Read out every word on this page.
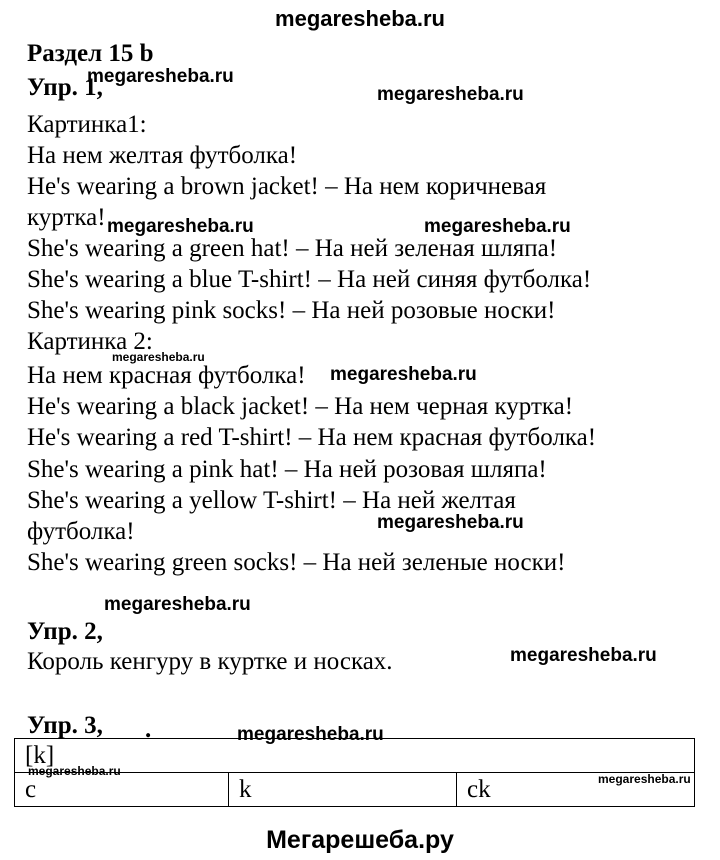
megaresheba.ru
Раздел 15 b
Упр. 1,
Картинка1:
На нем желтая футболка!
He's wearing a brown jacket! – На нем коричневая
куртка!
She's wearing a green hat! – На ней зеленая шляпа!
She's wearing a blue T-shirt! – На ней синяя футболка!
She's wearing pink socks! – На ней розовые носки!
Картинка 2:
На нем красная футболка!
He's wearing a black jacket! – На нем черная куртка!
He's wearing a red T-shirt! – На нем красная футболка!
She's wearing a pink hat! – На ней розовая шляпа!
She's wearing a yellow T-shirt! – На ней желтая
футболка!
She's wearing green socks! – На ней зеленые носки!
Упр. 2,
Король кенгуру в куртке и носках.
Упр. 3, .
[k]
c	k	ck
megaresheba.ru
megaresheba.ru
megaresheba.ru	megaresheba.ru
megaresheba.ru
megaresheba.ru
megaresheba.ru
megaresheba.ru
megaresheba.ru
megaresheba.ru
megaresheba.ru
megaresheba.ru
Мегарешеба.ру
